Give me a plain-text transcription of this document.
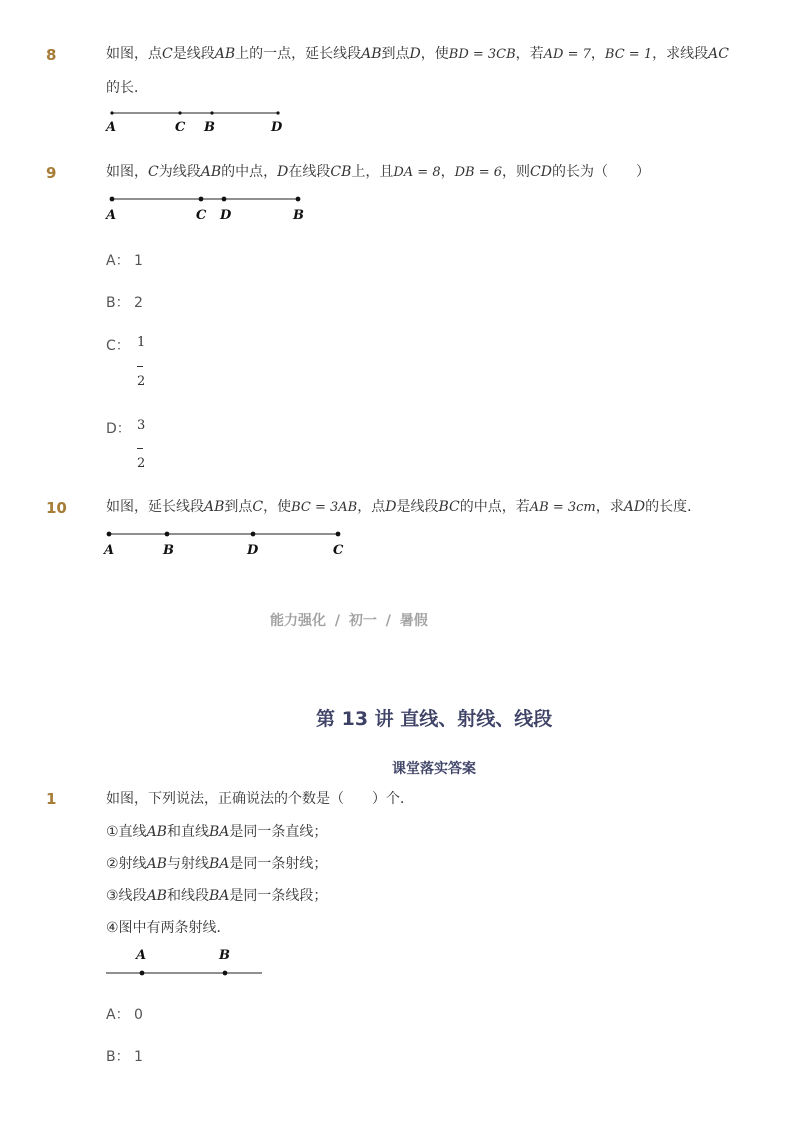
8	如图，点C是线段AB上的一点，延长线段AB到点D，使BD = 3CB，若AD = 7，BC = 1，求线段AC
的长．
A	C B	D
9	如图，C为线段AB的中点，D在线段CB上，且DA = 8，DB = 6，则CD的长为（　　）
A	C D	B
A： 1
B： 2
C： 1
2
D： 3
2
10	如图，延长线段AB到点C，使BC = 3AB，点D是线段BC的中点，若AB = 3cm，求AD的长度．
A	B	D	C
能力强化 / 初一 / 暑假
第 13 讲 直线、射线、线段
课堂落实答案
1	如图，下列说法，正确说法的个数是（　　）个．
①直线AB和直线BA是同一条直线；
②射线AB与射线BA是同一条射线；
③线段AB和线段BA是同一条线段；
④图中有两条射线．
A	B
A： 0
B： 1
